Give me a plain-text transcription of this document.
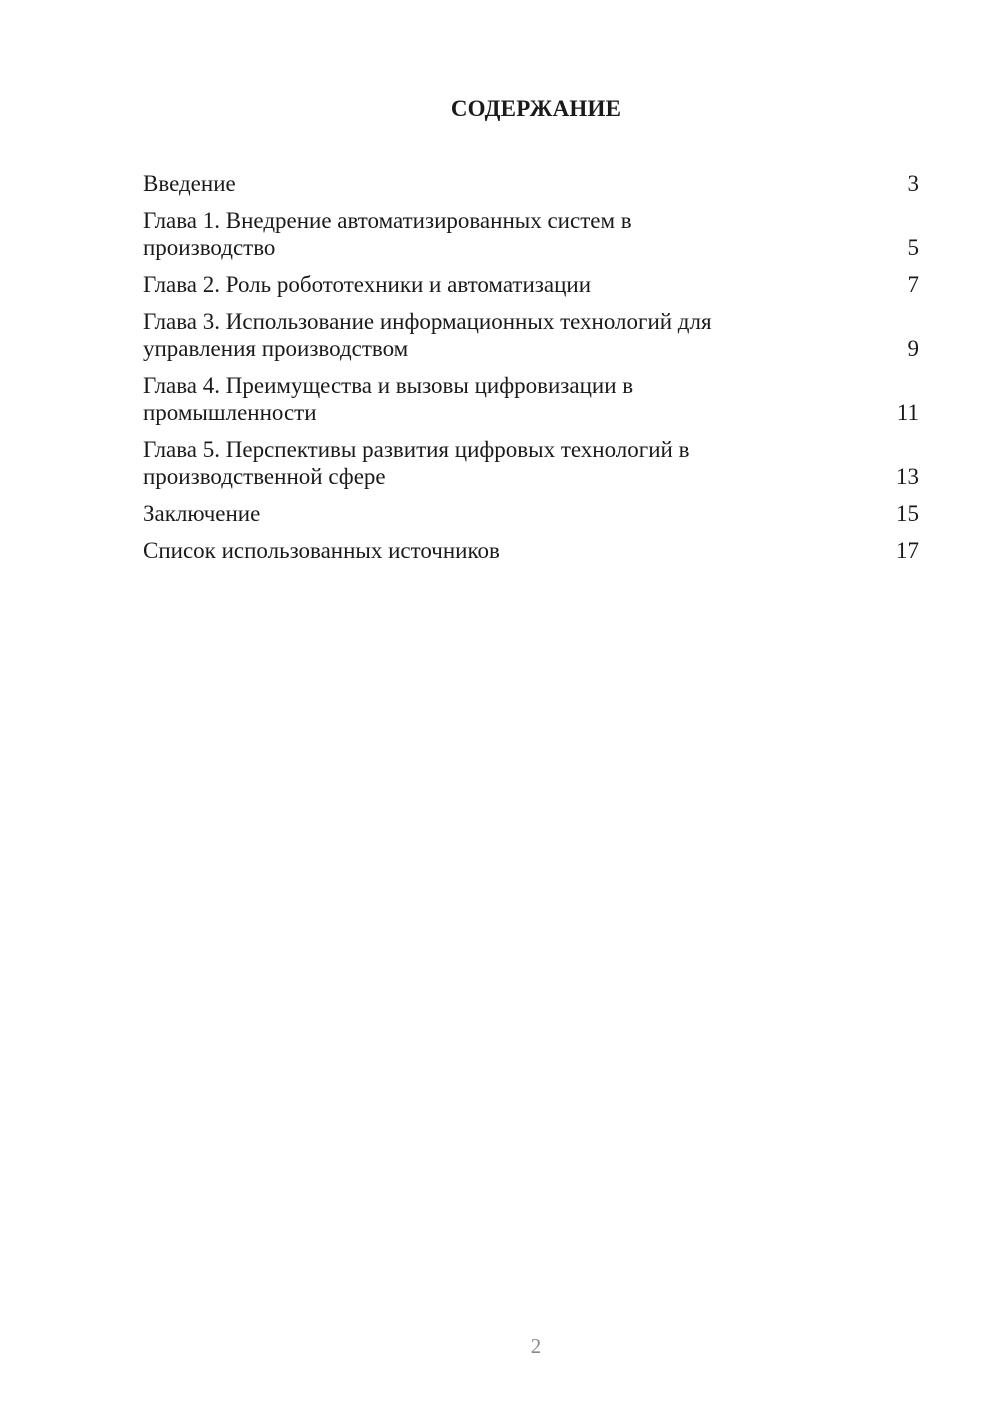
СОДЕРЖАНИЕ
Введение	3
Глава 1. Внедрение автоматизированных систем в
производство	5
Глава 2. Роль робототехники и автоматизации	7
Глава 3. Использование информационных технологий для
управления производством	9
Глава 4. Преимущества и вызовы цифровизации в
промышленности	11
Глава 5. Перспективы развития цифровых технологий в
производственной сфере	13
Заключение	15
Список использованных источников	17
2
